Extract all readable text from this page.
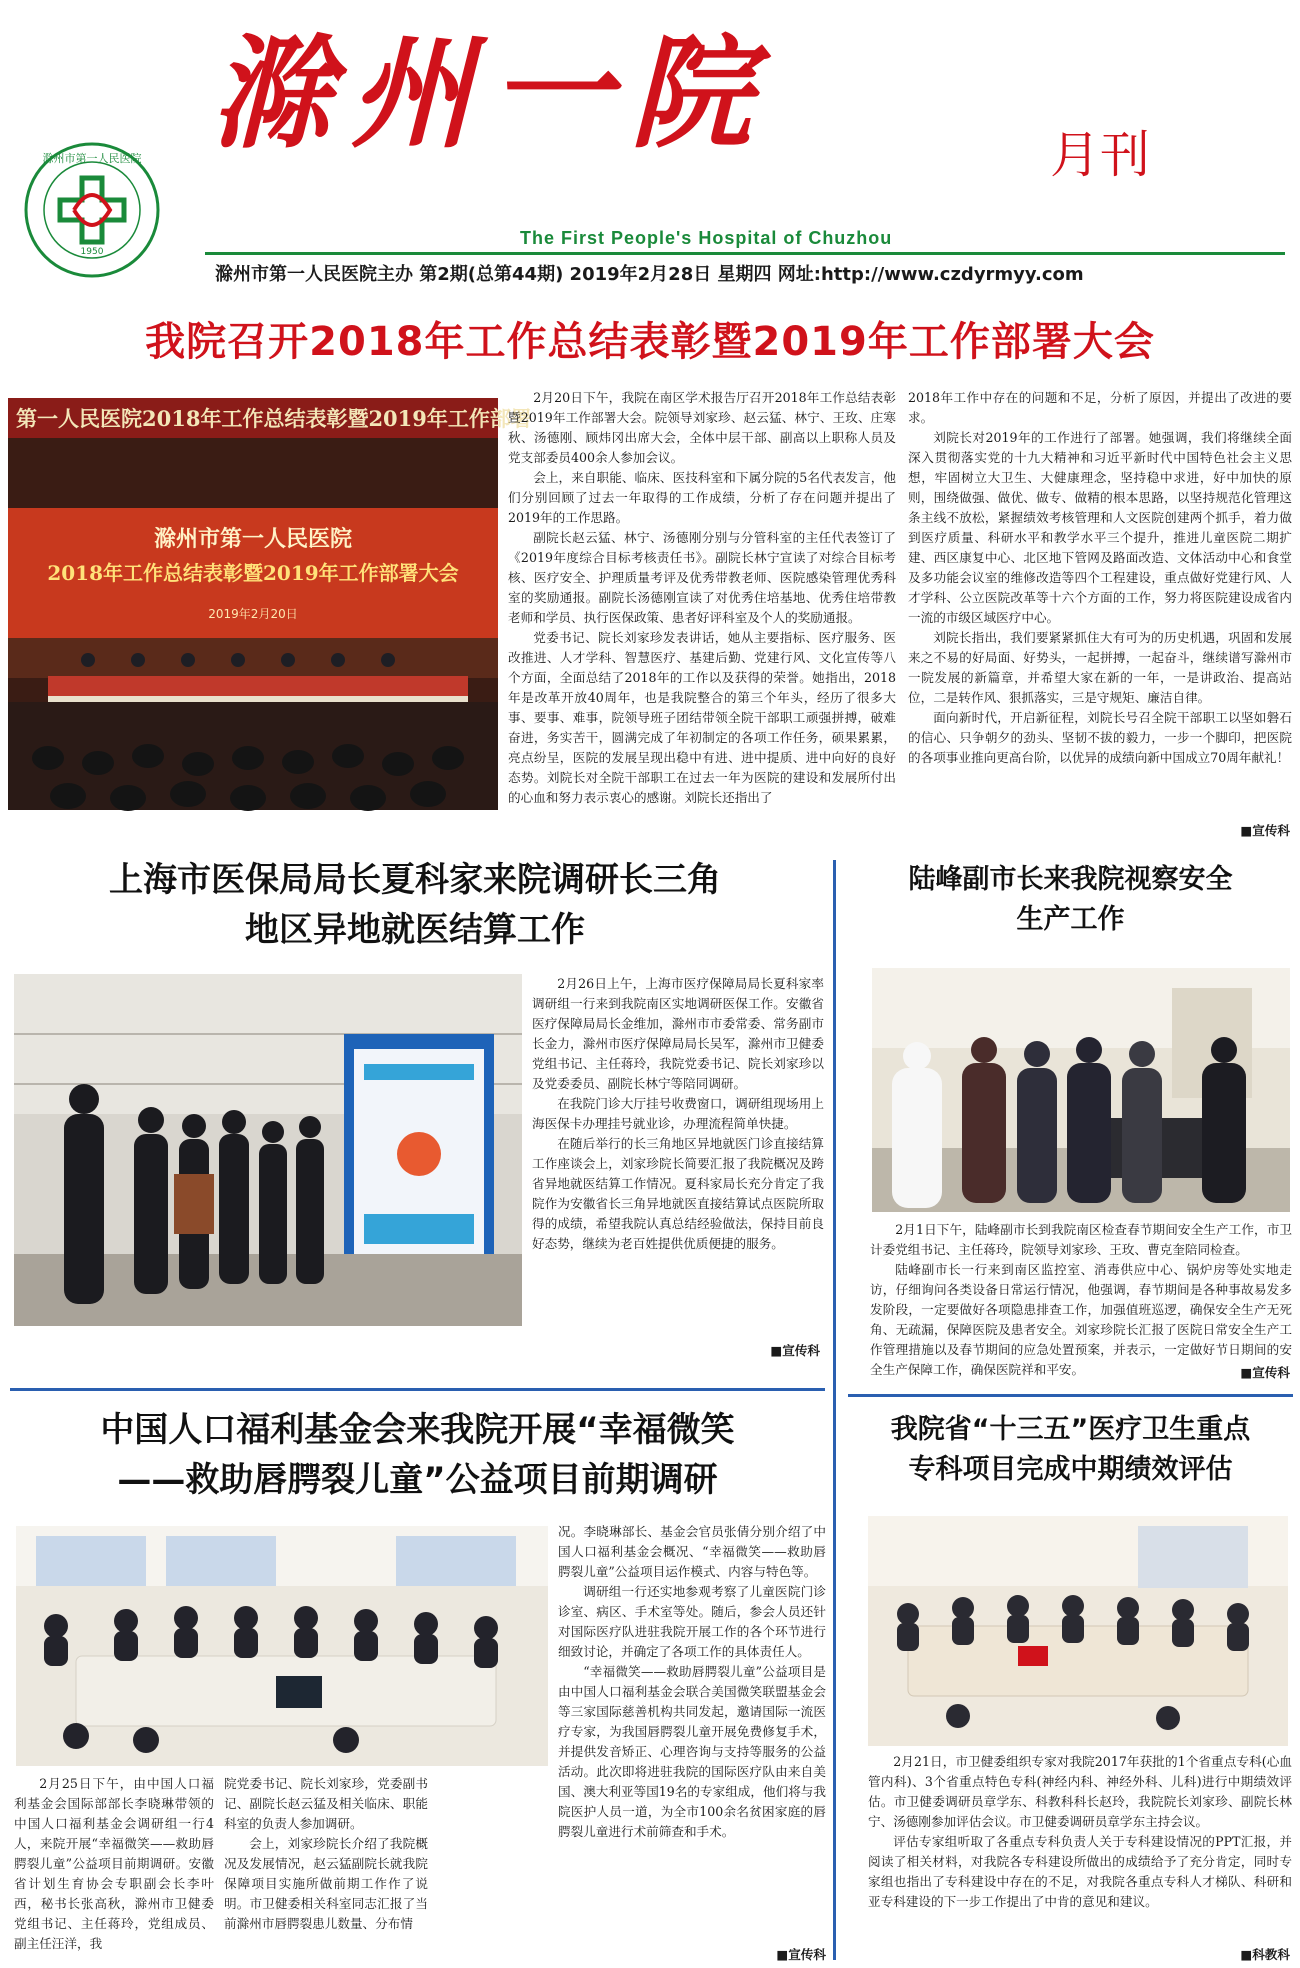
滁州市第一人民医院
1950
滁州一院	月刊
The First People's Hospital of Chuzhou
滁州市第一人民医院主办 第2期(总第44期) 2019年2月28日 星期四 网址:http://www.czdyrmyy.com
我院召开2018年工作总结表彰暨2019年工作部署大会
第一人民医院2018年工作总结表彰暨2019年工作部署
滁州市第一人民医院
2018年工作总结表彰暨2019年工作部署大会
2019年2月20日

2月20日下午，我院在南区学术报告厅召开2018年工作总结表彰暨2019年工作部署大会。院领导刘家珍、赵云猛、林宁、王玫、庄寒秋、汤德刚、顾炜冈出席大会，全体中层干部、副高以上职称人员及党支部委员400余人参加会议。

会上，来自职能、临床、医技科室和下属分院的5名代表发言，他们分别回顾了过去一年取得的工作成绩，分析了存在问题并提出了2019年的工作思路。

副院长赵云猛、林宁、汤德刚分别与分管科室的主任代表签订了《2019年度综合目标考核责任书》。副院长林宁宣读了对综合目标考核、医疗安全、护理质量考评及优秀带教老师、医院感染管理优秀科室的奖励通报。副院长汤德刚宣读了对优秀住培基地、优秀住培带教老师和学员、执行医保政策、患者好评科室及个人的奖励通报。

党委书记、院长刘家珍发表讲话，她从主要指标、医疗服务、医改推进、人才学科、智慧医疗、基建后勤、党建行风、文化宣传等八个方面，全面总结了2018年的工作以及获得的荣誉。她指出，2018年是改革开放40周年，也是我院整合的第三个年头，经历了很多大事、要事、难事，院领导班子团结带领全院干部职工顽强拼搏，破难奋进，务实苦干，圆满完成了年初制定的各项工作任务，硕果累累，亮点纷呈，医院的发展呈现出稳中有进、进中提质、进中向好的良好态势。刘院长对全院干部职工在过去一年为医院的建设和发展所付出的心血和努力表示衷心的感谢。刘院长还指出了

2018年工作中存在的问题和不足，分析了原因，并提出了改进的要求。

刘院长对2019年的工作进行了部署。她强调，我们将继续全面深入贯彻落实党的十九大精神和习近平新时代中国特色社会主义思想，牢固树立大卫生、大健康理念，坚持稳中求进，好中加快的原则，围绕做强、做优、做专、做精的根本思路，以坚持规范化管理这条主线不放松，紧握绩效考核管理和人文医院创建两个抓手，着力做到医疗质量、科研水平和教学水平三个提升，推进儿童医院二期扩建、西区康复中心、北区地下管网及路面改造、文体活动中心和食堂及多功能会议室的维修改造等四个工程建设，重点做好党建行风、人才学科、公立医院改革等十六个方面的工作，努力将医院建设成省内一流的市级区域医疗中心。

刘院长指出，我们要紧紧抓住大有可为的历史机遇，巩固和发展来之不易的好局面、好势头，一起拼搏，一起奋斗，继续谱写滁州市一院发展的新篇章，并希望大家在新的一年，一是讲政治、提高站位，二是转作风、狠抓落实，三是守规矩、廉洁自律。

面向新时代，开启新征程，刘院长号召全院干部职工以坚如磐石的信心、只争朝夕的劲头、坚韧不拔的毅力，一步一个脚印，把医院的各项事业推向更高台阶，以优异的成绩向新中国成立70周年献礼！

■宣传科
上海市医保局局长夏科家来院调研长三角
地区异地就医结算工作

2月26日上午，上海市医疗保障局局长夏科家率调研组一行来到我院南区实地调研医保工作。安徽省医疗保障局局长金维加，滁州市市委常委、常务副市长金力，滁州市医疗保障局局长吴军，滁州市卫健委党组书记、主任蒋玲，我院党委书记、院长刘家珍以及党委委员、副院长林宁等陪同调研。

在我院门诊大厅挂号收费窗口，调研组现场用上海医保卡办理挂号就业诊，办理流程简单快捷。

在随后举行的长三角地区异地就医门诊直接结算工作座谈会上，刘家珍院长简要汇报了我院概况及跨省异地就医结算工作情况。夏科家局长充分肯定了我院作为安徽省长三角异地就医直接结算试点医院所取得的成绩，希望我院认真总结经验做法，保持目前良好态势，继续为老百姓提供优质便捷的服务。

■宣传科
陆峰副市长来我院视察安全
生产工作

2月1日下午，陆峰副市长到我院南区检查春节期间安全生产工作，市卫计委党组书记、主任蒋玲，院领导刘家珍、王玫、曹克奎陪同检查。

陆峰副市长一行来到南区监控室、消毒供应中心、锅炉房等处实地走访，仔细询问各类设备日常运行情况，他强调，春节期间是各种事故易发多发阶段，一定要做好各项隐患排查工作，加强值班巡逻，确保安全生产无死角、无疏漏，保障医院及患者安全。刘家珍院长汇报了医院日常安全生产工作管理措施以及春节期间的应急处置预案，并表示，一定做好节日期间的安全生产保障工作，确保医院祥和平安。	■宣传科
中国人口福利基金会来我院开展“幸福微笑
——救助唇腭裂儿童”公益项目前期调研

2月25日下午，由中国人口福利基金会国际部部长李晓琳带领的中国人口福利基金会调研组一行4人，来院开展“幸福微笑——救助唇腭裂儿童”公益项目前期调研。安徽省计划生育协会专职副会长李叶西，秘书长张高秋，滁州市卫健委党组书记、主任蒋玲，党组成员、副主任汪洋，我

院党委书记、院长刘家珍，党委副书记、副院长赵云猛及相关临床、职能科室的负责人参加调研。

会上，刘家珍院长介绍了我院概况及发展情况，赵云猛副院长就我院保障项目实施所做前期工作作了说明。市卫健委相关科室同志汇报了当前滁州市唇腭裂患儿数量、分布情

况。李晓琳部长、基金会官员张倩分别介绍了中国人口福利基金会概况、“幸福微笑——救助唇腭裂儿童”公益项目运作模式、内容与特色等。

调研组一行还实地参观考察了儿童医院门诊诊室、病区、手术室等处。随后，参会人员还针对国际医疗队进驻我院开展工作的各个环节进行细致讨论，并确定了各项工作的具体责任人。

“幸福微笑——救助唇腭裂儿童”公益项目是由中国人口福利基金会联合美国微笑联盟基金会等三家国际慈善机构共同发起，邀请国际一流医疗专家，为我国唇腭裂儿童开展免费修复手术，并提供发音矫正、心理咨询与支持等服务的公益活动。此次即将进驻我院的国际医疗队由来自美国、澳大利亚等国19名的专家组成，他们将与我院医护人员一道，为全市100余名贫困家庭的唇腭裂儿童进行术前筛查和手术。

■宣传科
我院省“十三五”医疗卫生重点
专科项目完成中期绩效评估

2月21日，市卫健委组织专家对我院2017年获批的1个省重点专科(心血管内科)、3个省重点特色专科(神经内科、神经外科、儿科)进行中期绩效评估。市卫健委调研员章学东、科教科科长赵玲，我院院长刘家珍、副院长林宁、汤德刚参加评估会议。市卫健委调研员章学东主持会议。

评估专家组听取了各重点专科负责人关于专科建设情况的PPT汇报，并阅读了相关材料，对我院各专科建设所做出的成绩给予了充分肯定，同时专家组也指出了专科建设中存在的不足，对我院各重点专科人才梯队、科研和亚专科建设的下一步工作提出了中肯的意见和建议。

■科教科
